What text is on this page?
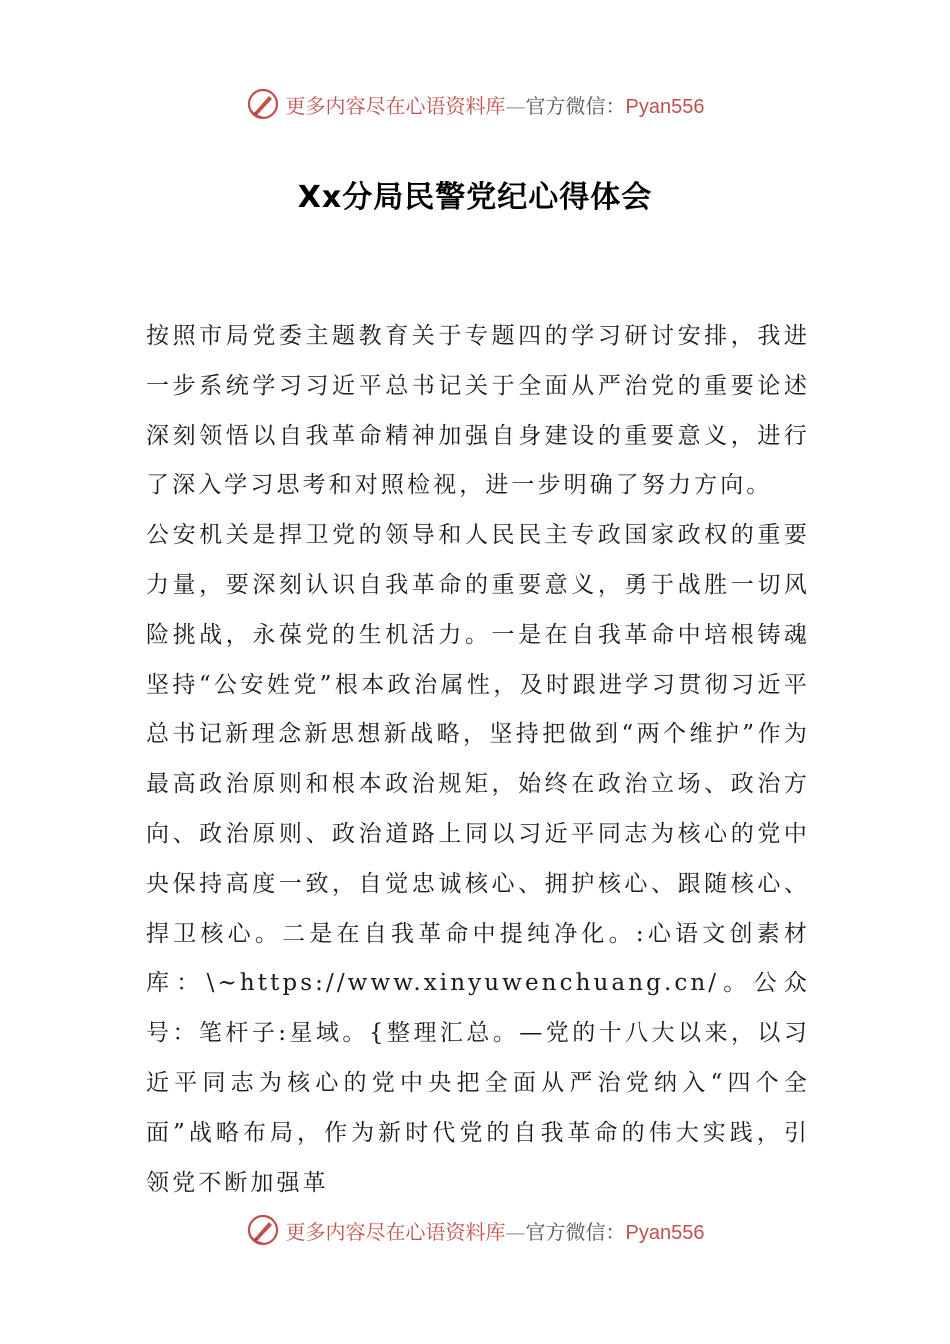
更多内容尽在心语资料库—官方微信：Pyan556
Xx分局民警党纪心得体会

按照市局党委主题教育关于专题四的学习研讨安排，我进一步系统学习习近平总书记关于全面从严治党的重要论述深刻领悟以自我革命精神加强自身建设的重要意义，进行了深入学习思考和对照检视，进一步明确了努力方向。

公安机关是捍卫党的领导和人民民主专政国家政权的重要力量，要深刻认识自我革命的重要意义，勇于战胜一切风险挑战，永葆党的生机活力。一是在自我革命中培根铸魂坚持“公安姓党”根本政治属性，及时跟进学习贯彻习近平总书记新理念新思想新战略，坚持把做到“两个维护”作为最高政治原则和根本政治规矩，始终在政治立场、政治方向、政治原则、政治道路上同以习近平同志为核心的党中央保持高度一致，自觉忠诚核心、拥护核心、跟随核心、捍卫核心。二是在自我革命中提纯净化。:心语文创素材库：\~https://www.xinyuwenchuang.cn/。公众号：笔杆子:星域。{整理汇总。—党的十八大以来，以习近平同志为核心的党中央把全面从严治党纳入“四个全面”战略布局，作为新时代党的自我革命的伟大实践，引领党不断加强革

更多内容尽在心语资料库—官方微信：Pyan556
